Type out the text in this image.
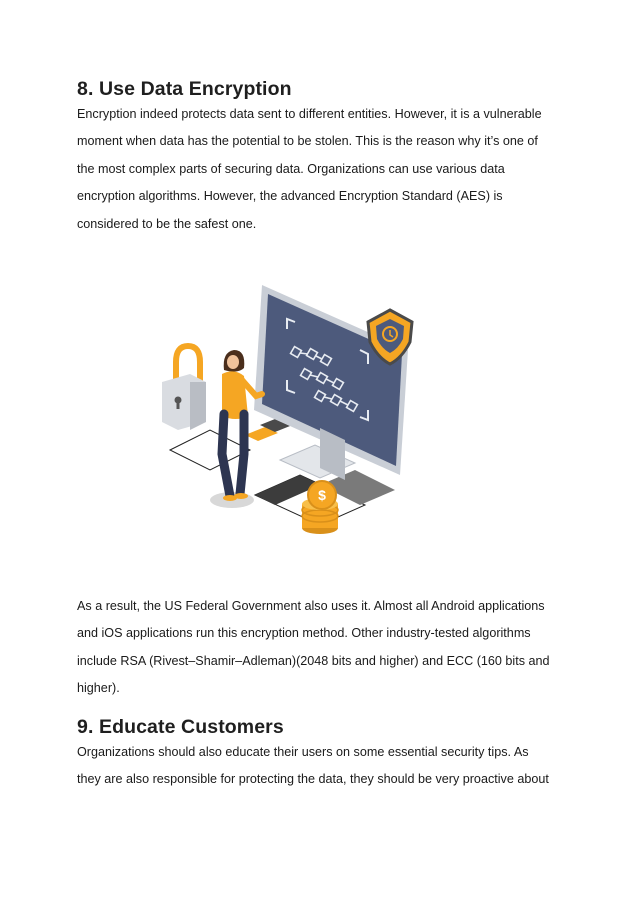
8. Use Data Encryption
Encryption indeed protects data sent to different entities. However, it is a vulnerable
moment when data has the potential to be stolen. This is the reason why it’s one of
the most complex parts of securing data. Organizations can use various data
encryption algorithms. However, the advanced Encryption Standard (AES) is
considered to be the safest one.
$
As a result, the US Federal Government also uses it. Almost all Android applications
and iOS applications run this encryption method. Other industry-tested algorithms
include RSA (Rivest–Shamir–Adleman)(2048 bits and higher) and ECC (160 bits and
higher).
9. Educate Customers
Organizations should also educate their users on some essential security tips. As
they are also responsible for protecting the data, they should be very proactive about
